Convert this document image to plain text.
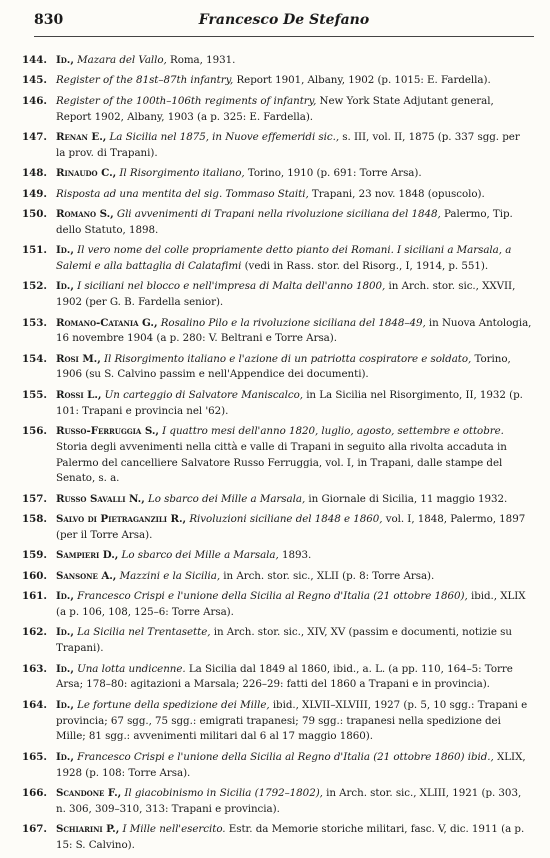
830	Francesco De Stefano
144. Id., Mazara del Vallo, Roma, 1931.
145. Register of the 81st–87th infantry, Report 1901, Albany, 1902 (p. 1015: E. Fardella).
146. Register of the 100th–106th regiments of infantry, New York State Adjutant general, Report 1902, Albany, 1903 (a p. 325: E. Fardella).
147. Renan E., La Sicilia nel 1875, in Nuove effemeridi sic., s. III, vol. II, 1875 (p. 337 sgg. per la prov. di Trapani).
148. Rinaudo C., Il Risorgimento italiano, Torino, 1910 (p. 691: Torre Arsa).
149. Risposta ad una mentita del sig. Tommaso Staiti, Trapani, 23 nov. 1848 (opuscolo).
150. Romano S., Gli avvenimenti di Trapani nella rivoluzione siciliana del 1848, Palermo, Tip. dello Statuto, 1898.
151. Id., Il vero nome del colle propriamente detto pianto dei Romani. I siciliani a Marsala, a Salemi e alla battaglia di Calatafimi (vedi in Rass. stor. del Risorg., I, 1914, p. 551).
152. Id., I siciliani nel blocco e nell'impresa di Malta dell'anno 1800, in Arch. stor. sic., XXVII, 1902 (per G. B. Fardella senior).
153. Romano-Catania G., Rosalino Pilo e la rivoluzione siciliana del 1848–49, in Nuova Antologia, 16 novembre 1904 (a p. 280: V. Beltrani e Torre Arsa).
154. Rosi M., Il Risorgimento italiano e l'azione di un patriotta cospiratore e soldato, Torino, 1906 (su S. Calvino passim e nell'Appendice dei documenti).
155. Rossi L., Un carteggio di Salvatore Maniscalco, in La Sicilia nel Risorgimento, II, 1932 (p. 101: Trapani e provincia nel '62).
156. Russo-Ferruggia S., I quattro mesi dell'anno 1820, luglio, agosto, settembre e ottobre. Storia degli avvenimenti nella città e valle di Trapani in seguito alla rivolta accaduta in Palermo del cancelliere Salvatore Russo Ferruggia, vol. I, in Trapani, dalle stampe del Senato, s. a.
157. Russo Savalli N., Lo sbarco dei Mille a Marsala, in Giornale di Sicilia, 11 maggio 1932.
158. Salvo di Pietraganzili R., Rivoluzioni siciliane del 1848 e 1860, vol. I, 1848, Palermo, 1897 (per il Torre Arsa).
159. Sampieri D., Lo sbarco dei Mille a Marsala, 1893.
160. Sansone A., Mazzini e la Sicilia, in Arch. stor. sic., XLII (p. 8: Torre Arsa).
161. Id., Francesco Crispi e l'unione della Sicilia al Regno d'Italia (21 ottobre 1860), ibid., XLIX (a p. 106, 108, 125–6: Torre Arsa).
162. Id., La Sicilia nel Trentasette, in Arch. stor. sic., XIV, XV (passim e documenti, notizie su Trapani).
163. Id., Una lotta undicenne. La Sicilia dal 1849 al 1860, ibid., a. L. (a pp. 110, 164–5: Torre Arsa; 178–80: agitazioni a Marsala; 226–29: fatti del 1860 a Trapani e in provincia).
164. Id., Le fortune della spedizione dei Mille, ibid., XLVII–XLVIII, 1927 (p. 5, 10 sgg.: Trapani e provincia; 67 sgg., 75 sgg.: emigrati trapanesi; 79 sgg.: trapanesi nella spedizione dei Mille; 81 sgg.: avvenimenti militari dal 6 al 17 maggio 1860).
165. Id., Francesco Crispi e l'unione della Sicilia al Regno d'Italia (21 ottobre 1860) ibid., XLIX, 1928 (p. 108: Torre Arsa).
166. Scandone F., Il giacobinismo in Sicilia (1792–1802), in Arch. stor. sic., XLIII, 1921 (p. 303, n. 306, 309–310, 313: Trapani e provincia).
167. Schiarini P., I Mille nell'esercito. Estr. da Memorie storiche militari, fasc. V, dic. 1911 (a p. 15: S. Calvino).
